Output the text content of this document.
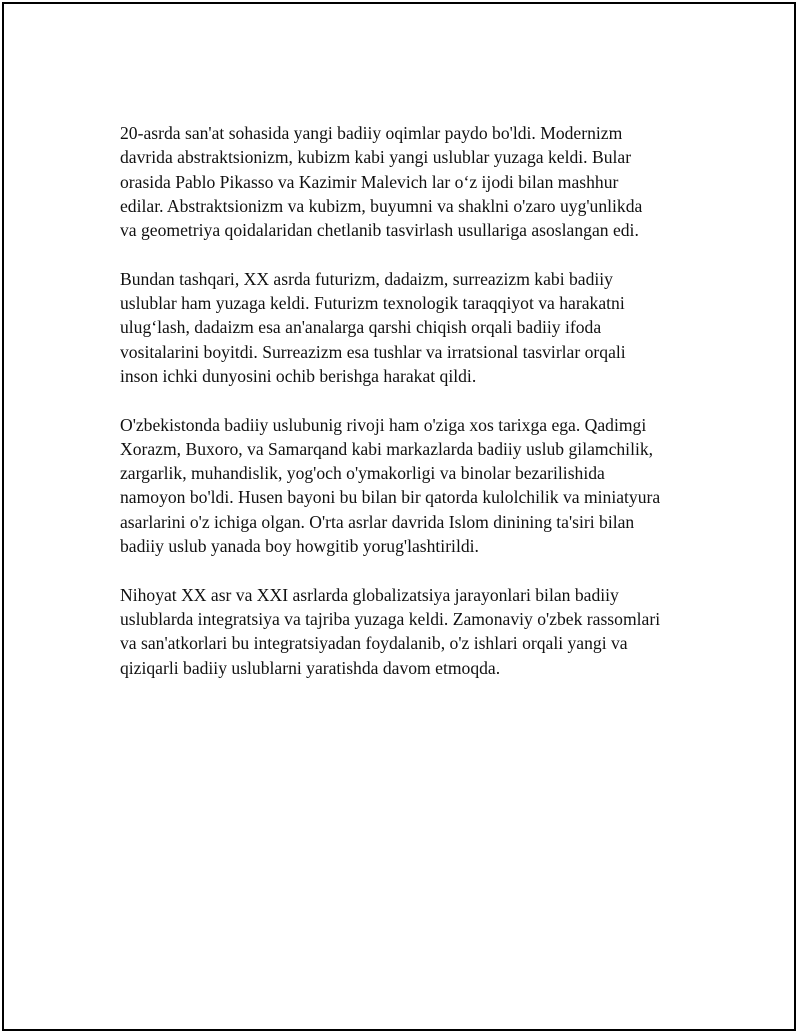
20-asrda san'at sohasida yangi badiiy oqimlar paydo bo'ldi. Modernizm
davrida abstraktsionizm, kubizm kabi yangi uslublar yuzaga keldi. Bular
orasida Pablo Pikasso va Kazimir Malevich lar o‘z ijodi bilan mashhur
edilar. Abstraktsionizm va kubizm, buyumni va shaklni o'zaro uyg'unlikda
va geometriya qoidalaridan chetlanib tasvirlash usullariga asoslangan edi.

Bundan tashqari, XX asrda futurizm, dadaizm, surreazizm kabi badiiy
uslublar ham yuzaga keldi. Futurizm texnologik taraqqiyot va harakatni
ulug‘lash, dadaizm esa an'analarga qarshi chiqish orqali badiiy ifoda
vositalarini boyitdi. Surreazizm esa tushlar va irratsional tasvirlar orqali
inson ichki dunyosini ochib berishga harakat qildi.

O'zbekistonda badiiy uslubunig rivoji ham o'ziga xos tarixga ega. Qadimgi
Xorazm, Buxoro, va Samarqand kabi markazlarda badiiy uslub gilamchilik,
zargarlik, muhandislik, yog'och o'ymakorligi va binolar bezarilishida
namoyon bo'ldi. Husen bayoni bu bilan bir qatorda kulolchilik va miniatyura
asarlarini o'z ichiga olgan. O'rta asrlar davrida Islom dinining ta'siri bilan
badiiy uslub yanada boy howgitib yorug'lashtirildi.

Nihoyat XX asr va XXI asrlarda globalizatsiya jarayonlari bilan badiiy
uslublarda integratsiya va tajriba yuzaga keldi. Zamonaviy o'zbek rassomlari
va san'atkorlari bu integratsiyadan foydalanib, o'z ishlari orqali yangi va
qiziqarli badiiy uslublarni yaratishda davom etmoqda.
